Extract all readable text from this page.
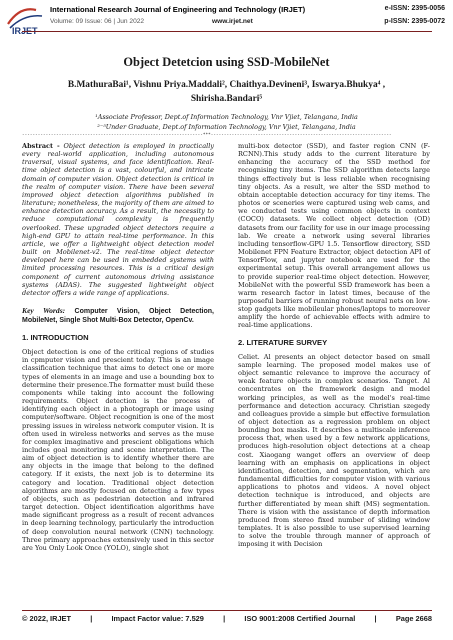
IRJET
International Research Journal of Engineering and Technology (IRJET)	e-ISSN: 2395-0056
Volume: 09 Issue: 06 | Jun 2022	www.irjet.net	p-ISSN: 2395-0072
Object Detetcion using SSD-MobileNet
B.MathuraBai¹, Vishnu Priya.Maddali², Chaithya.Devineni³, Iswarya.Bhukya⁴ ,
Shirisha.Bandari⁵
¹Associate Professor, Dept.of Information Technology, Vnr Vjiet, Telangana, India
²⁻⁵Under Graduate, Dept.of Information Technology, Vnr Vjiet, Telangana, India
---------------------------------------------------------------------***---------------------------------------------------------------------

Abstract - Object detection is employed in practically every real-world application, including autonomous traversal, visual systems, and face identification. Real-time object detection is a vast, colourful, and intricate domain of computer vision. Object detection is critical in the realm of computer vision. There have been several improved object detection algorithms published in literature; nonetheless, the majority of them are aimed to enhance detection accuracy. As a result, the necessity to reduce computational complexity is frequently overlooked. These upgraded object detectors require a high-end GPU to attain real-time performance. In this article, we offer a lightweight object detection model built on Mobilenet-v2. The real-time object detector developed here can be used in embedded systems with limited processing resources. This is a critical design component of current autonomous driving assistance systems (ADAS). The suggested lightweight object detector offers a wide range of applications.

Key Words: Computer Vision, Object Detection, MobileNet, Single Shot Multi-Box Detector, OpenCv.

1. INTRODUCTION

Object detection is one of the critical regions of studies in cpmputer vision and prescient today. This is an image classification technique that aims to detect one or more types of elements in an image and use a bounding box to determine their presence.The formatter must build these components while taking into account the following requirements. Object detection is the process of identifying each object in a photograph or image using computer/software. Object recognition is one of the most pressing issues in wireless network computer vision. It is often used in wireless networks and serves as the muse for complex imaginative and prescient obligations which includes goal monitoring and scene interpretation. The aim of object detection is to identify whether there are any objects in the image that belong to the defined category. If it exists, the next job is to determine its category and location. Traditional object detection algorithms are mostly focused on detecting a few types of objects, such as pedestrian detection and infrared target detection. Object identification algorithms have made significant progress as a result of recent advances in deep learning technology, particularly the introduction of deep convolution neural network (CNN) technology. Three primary approaches extensively used in this sector are You Only Look Once (YOLO), single shot

multi-box detector (SSD), and faster region CNN (F-RCNN).This study adds to the current literature by enhancing the accuracy of the SSD method for recognising tiny items. The SSD algorithm detects large things effectively but is less reliable when recognising tiny objects. As a result, we alter the SSD method to obtain acceptable detection accuracy for tiny items. The photos or sceneries were captured using web cams, and we conducted tests using common objects in context (COCO) datasets. We collect object detection (OD) datasets from our facility for use in our image processing lab. We create a network using several libraries including tensorflow-GPU 1.5. Tensorflow directory, SSD Mobilenet FPN Feature Extractor, object detection API of TensorFlow, and jupyter notebook are used for the experimental setup. This overall arrangement allows us to provide superior real-time object detection. However, MobileNet with the powerful SSD framework has been a warm research factor in latest times, because of the purposeful barriers of running robust neural nets on low-stop gadgets like mobileular phones/laptops to moreover amplify the horde of achievable effects with admire to real-time applications.

2. LITERATURE SURVEY

Celiet. Al presents an object detector based on small sample learning. The proposed model makes use of object semantic relevance to improve the accuracy of weak feature objects in complex scenarios. Tanget. Al concentrates on the framework design and model working principles, as well as the model's real-time performance and detection accuracy. Christian szegedy and colleagues provide a simple but effective formulation of object detection as a regression problem on object bounding box masks. It describes a multiscale inference process that, when used by a few network applications, produces high-resolution object detections at a cheap cost. Xiaogang wanget offers an overview of deep learning with an emphasis on applications in object identification, detection, and segmentation, which are fundamental difficulties for computer vision with various applications to photos and videos. A novel object detection technique is introduced, and objects are further differentiated by mean shift (MS) segmentation. There is vision with the assistance of depth information produced from stereo fixed number of sliding window templates. It is also possible to use supervised learning to solve the trouble through manner of approach of imposing it with Decision

© 2022, IRJET	|	Impact Factor value: 7.529	|	ISO 9001:2008 Certified Journal	|	Page 2668
